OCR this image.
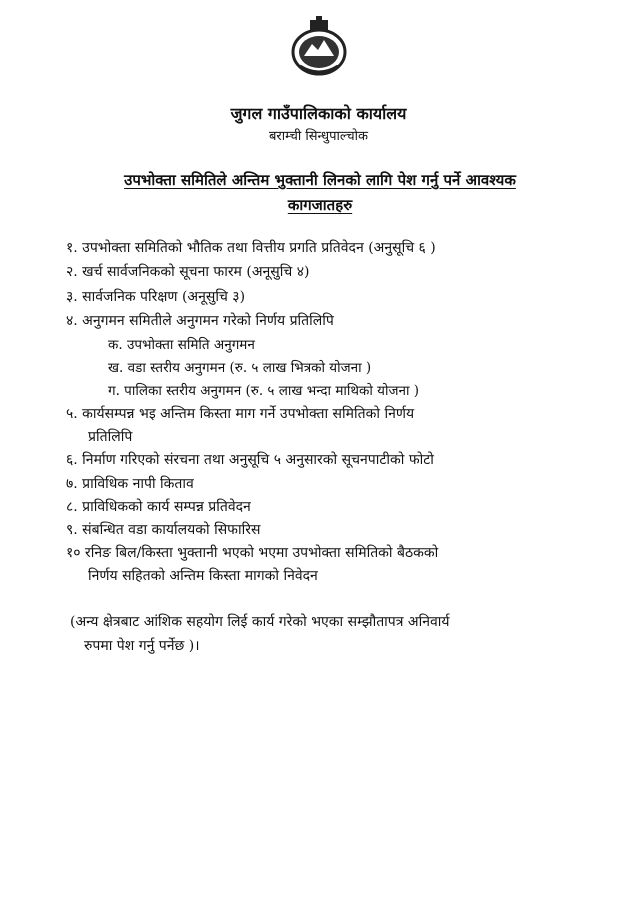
जुगल गाउँपालिकाको कार्यालय
बराम्ची सिन्धुपाल्चोक
उपभोक्ता समितिले अन्तिम भुक्तानी लिनको लागि पेश गर्नु पर्ने आवश्यक
कागजातहरु
१. उपभोक्ता समितिको भौतिक तथा वित्तीय प्रगति प्रतिवेदन (अनुसूचि ६ )
२. खर्च सार्वजनिकको सूचना फारम (अनूसुचि ४)
३. सार्वजनिक परिक्षण (अनूसुचि ३)
४. अनुगमन समितीले अनुगमन गरेको निर्णय प्रतिलिपि
क. उपभोक्ता समिति अनुगमन
ख. वडा स्तरीय अनुगमन (रु. ५ लाख भित्रको योजना )
ग. पालिका स्तरीय अनुगमन (रु. ५ लाख भन्दा माथिको योजना )
५. कार्यसम्पन्न भइ अन्तिम किस्ता माग गर्ने उपभोक्ता समितिको निर्णय
प्रतिलिपि
६. निर्माण गरिएको संरचना तथा अनुसूचि ५ अनुसारको सूचनपाटीको फोटो
७. प्राविधिक नापी किताव
८. प्राविधिकको कार्य सम्पन्न प्रतिवेदन
९. संबन्धित वडा कार्यालयको सिफारिस
१० रनिङ बिल/किस्ता भुक्तानी भएको भएमा उपभोक्ता समितिको बैठकको
निर्णय सहितको अन्तिम किस्ता मागको निवेदन
(अन्य क्षेत्रबाट आंशिक सहयोग लिई कार्य गरेको भएका सम्झौतापत्र अनिवार्य
रुपमा पेश गर्नु पर्नेछ )।
